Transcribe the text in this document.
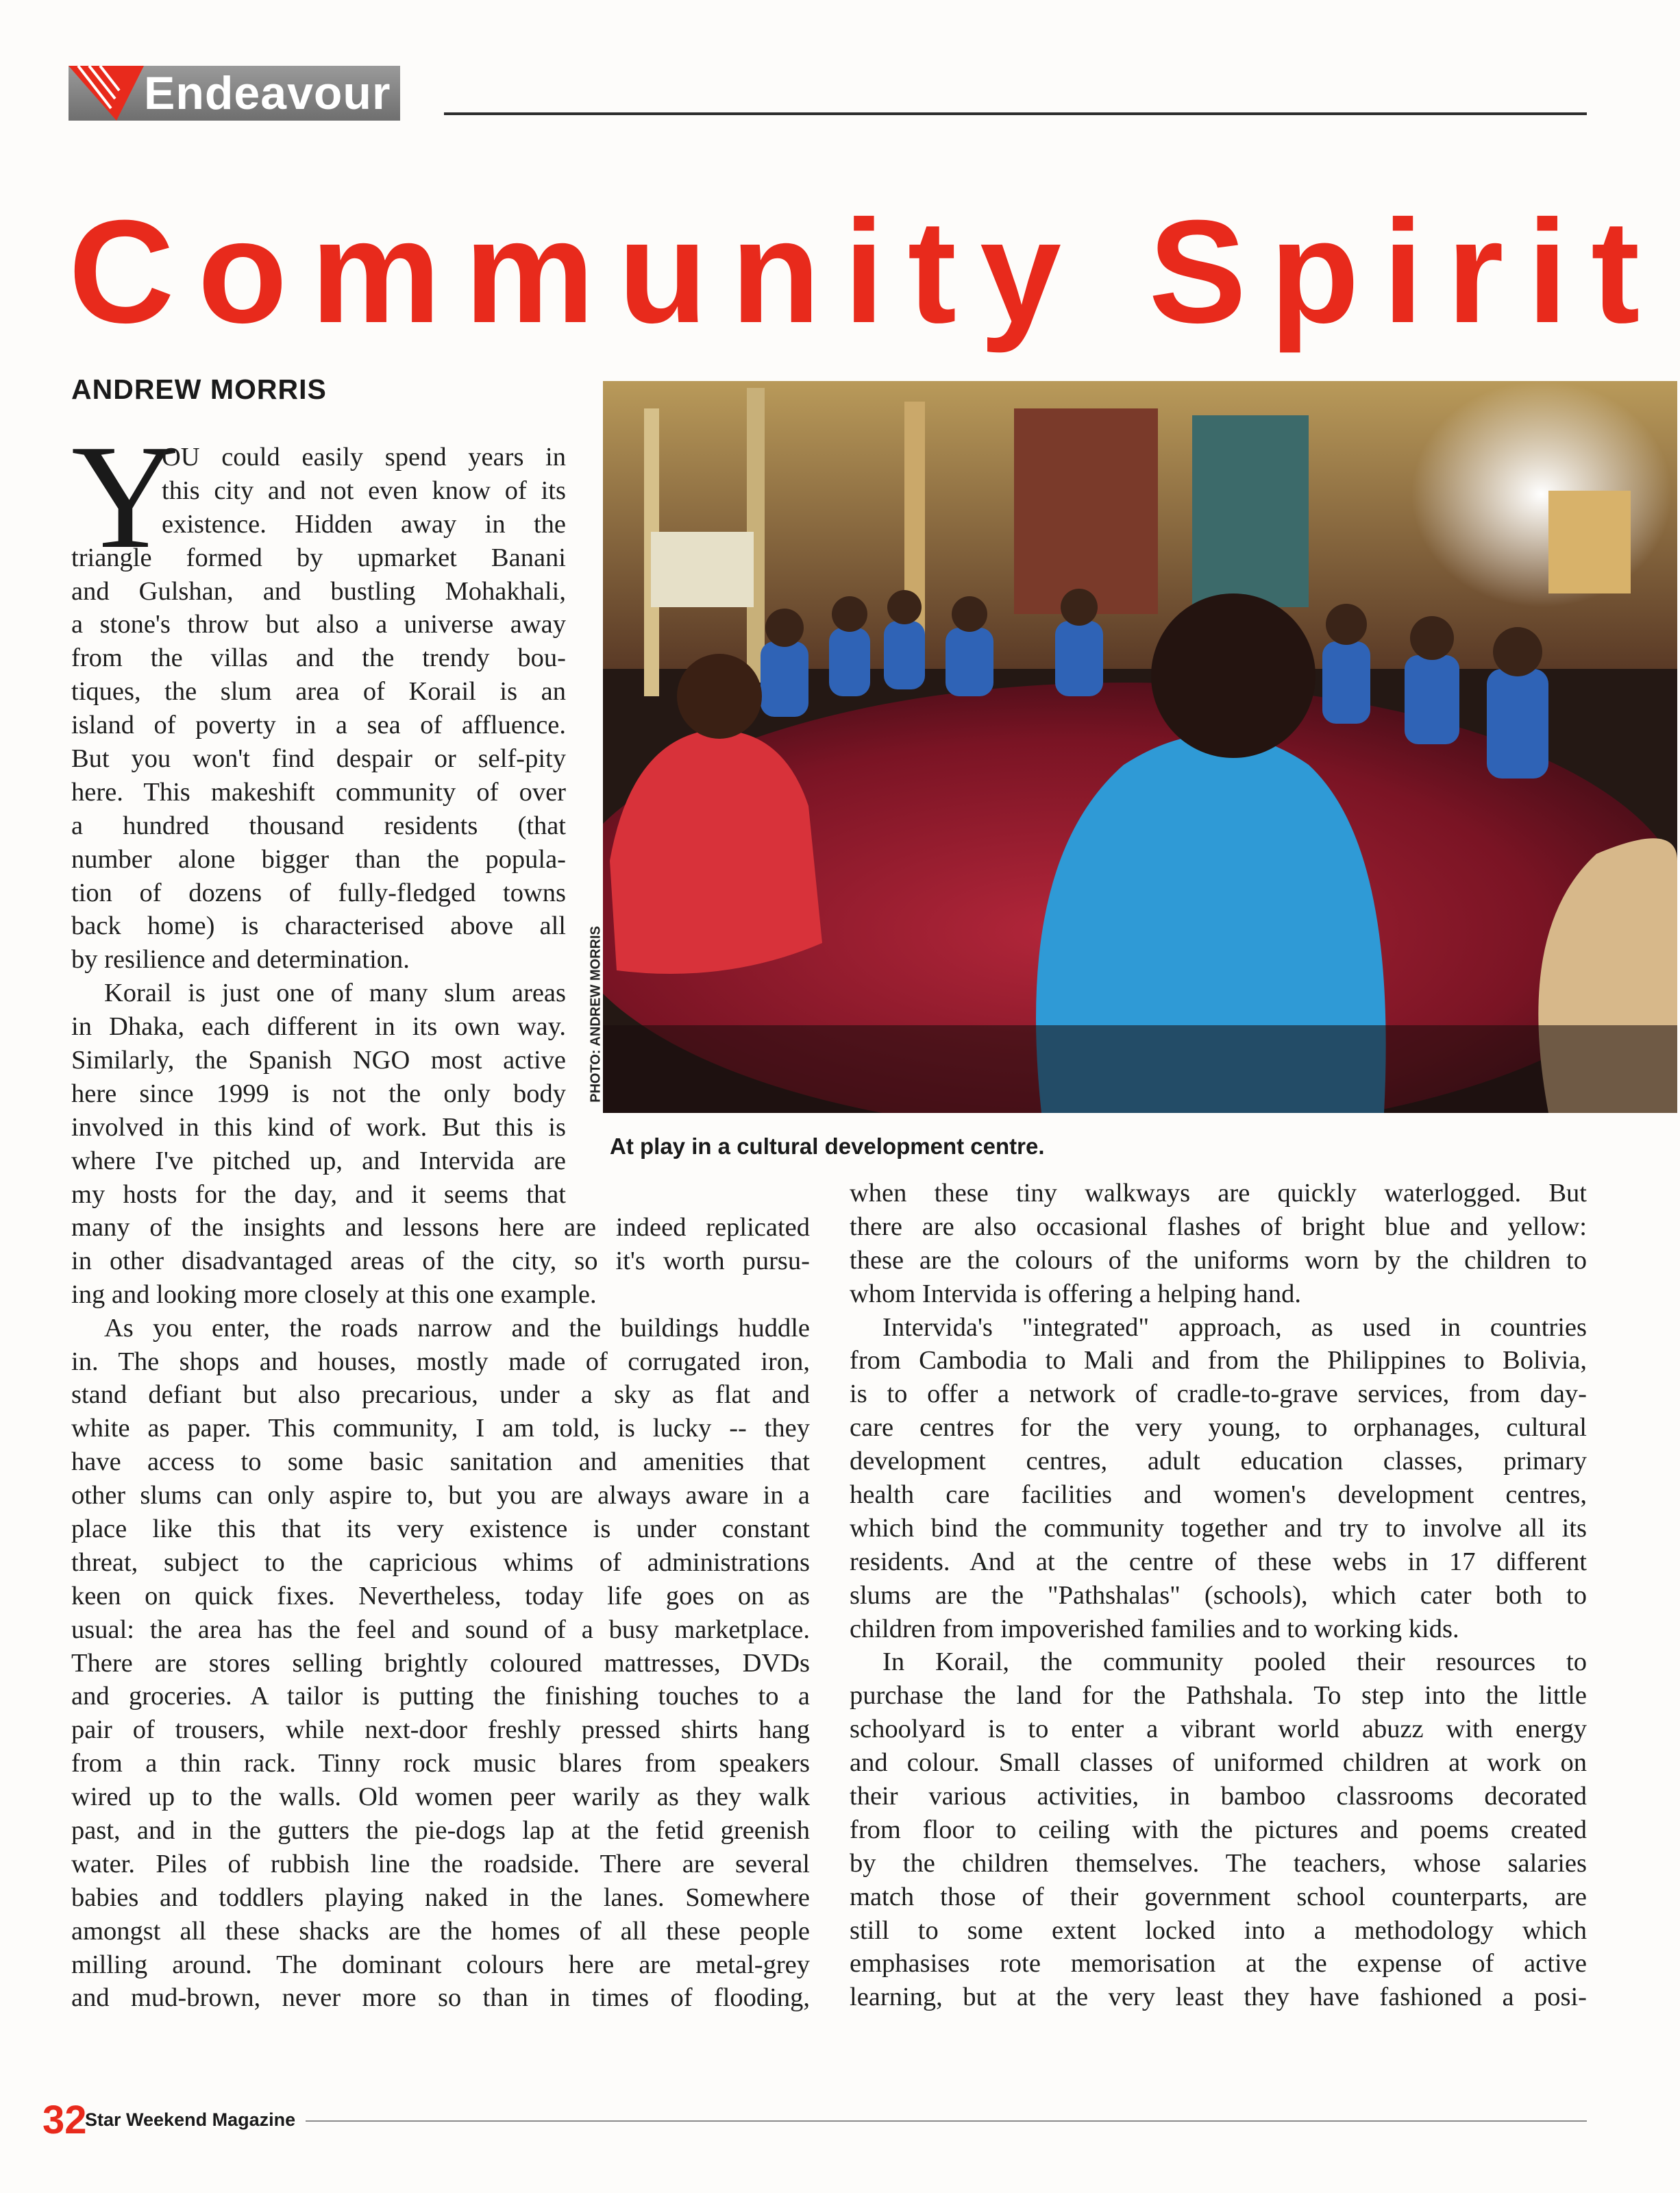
Endeavour
Community Spirit
ANDREW MORRIS
PHOTO: ANDREW MORRIS
At play in a cultural development centre.
Y
OU could easily spend years in
this city and not even know of its
existence. Hidden away in the
triangle formed by upmarket Banani
and Gulshan, and bustling Mohakhali,
a stone's throw but also a universe away
from the villas and the trendy bou-
tiques, the slum area of Korail is an
island of poverty in a sea of affluence.
But you won't find despair or self-pity
here. This makeshift community of over
a hundred thousand residents (that
number alone bigger than the popula-
tion of dozens of fully-fledged towns
back home) is characterised above all
by resilience and determination.
Korail is just one of many slum areas
in Dhaka, each different in its own way.
Similarly, the Spanish NGO most active
here since 1999 is not the only body
involved in this kind of work. But this is
where I've pitched up, and Intervida are
my hosts for the day, and it seems that
many of the insights and lessons here are indeed replicated
in other disadvantaged areas of the city, so it's worth pursu-
ing and looking more closely at this one example.
As you enter, the roads narrow and the buildings huddle
in. The shops and houses, mostly made of corrugated iron,
stand defiant but also precarious, under a sky as flat and
white as paper. This community, I am told, is lucky -- they
have access to some basic sanitation and amenities that
other slums can only aspire to, but you are always aware in a
place like this that its very existence is under constant
threat, subject to the capricious whims of administrations
keen on quick fixes. Nevertheless, today life goes on as
usual: the area has the feel and sound of a busy marketplace.
There are stores selling brightly coloured mattresses, DVDs
and groceries. A tailor is putting the finishing touches to a
pair of trousers, while next-door freshly pressed shirts hang
from a thin rack. Tinny rock music blares from speakers
wired up to the walls. Old women peer warily as they walk
past, and in the gutters the pie-dogs lap at the fetid greenish
water. Piles of rubbish line the roadside. There are several
babies and toddlers playing naked in the lanes. Somewhere
amongst all these shacks are the homes of all these people
milling around. The dominant colours here are metal-grey
and mud-brown, never more so than in times of flooding,
when these tiny walkways are quickly waterlogged. But
there are also occasional flashes of bright blue and yellow:
these are the colours of the uniforms worn by the children to
whom Intervida is offering a helping hand.
Intervida's "integrated" approach, as used in countries
from Cambodia to Mali and from the Philippines to Bolivia,
is to offer a network of cradle-to-grave services, from day-
care centres for the very young, to orphanages, cultural
development centres, adult education classes, primary
health care facilities and women's development centres,
which bind the community together and try to involve all its
residents. And at the centre of these webs in 17 different
slums are the "Pathshalas" (schools), which cater both to
children from impoverished families and to working kids.
In Korail, the community pooled their resources to
purchase the land for the Pathshala. To step into the little
schoolyard is to enter a vibrant world abuzz with energy
and colour. Small classes of uniformed children at work on
their various activities, in bamboo classrooms decorated
from floor to ceiling with the pictures and poems created
by the children themselves. The teachers, whose salaries
match those of their government school counterparts, are
still to some extent locked into a methodology which
emphasises rote memorisation at the expense of active
learning, but at the very least they have fashioned a posi-
32
Star Weekend Magazine
